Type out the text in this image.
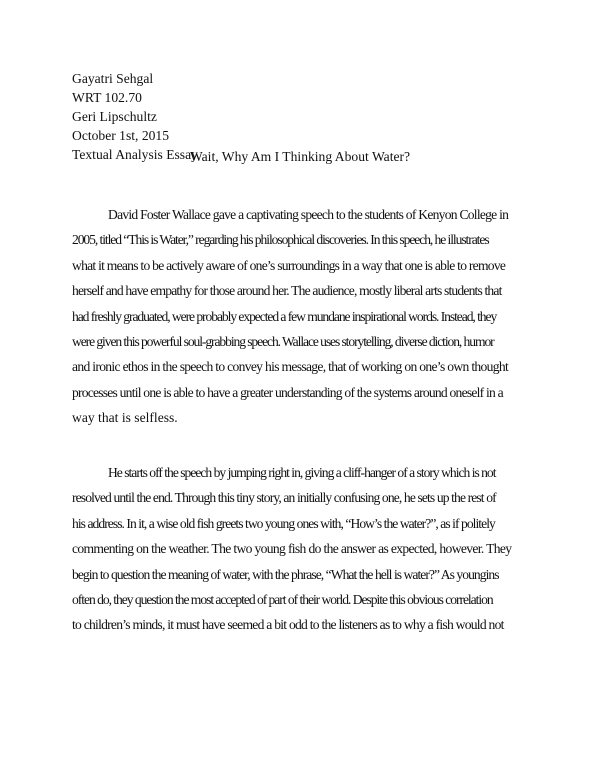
Gayatri Sehgal
WRT 102.70
Geri Lipschultz
October 1st, 2015
Textual Analysis Essay
Wait, Why Am I Thinking About Water?
David Foster Wallace gave a captivating speech to the students of Kenyon College in
2005, titled “This is Water,” regarding his philosophical discoveries. In this speech, he illustrates
what it means to be actively aware of one’s surroundings in a way that one is able to remove
herself and have empathy for those around her. The audience, mostly liberal arts students that
had freshly graduated, were probably expected a few mundane inspirational words. Instead, they
were given this powerful soul-grabbing speech. Wallace uses storytelling, diverse diction, humor
and ironic ethos in the speech to convey his message, that of working on one’s own thought
processes until one is able to have a greater understanding of the systems around oneself in a
way that is selfless.
He starts off the speech by jumping right in, giving a cliff-hanger of a story which is not
resolved until the end. Through this tiny story, an initially confusing one, he sets up the rest of
his address. In it, a wise old fish greets two young ones with, “How’s the water?”, as if politely
commenting on the weather. The two young fish do the answer as expected, however. They
begin to question the meaning of water, with the phrase, “What the hell is water?” As youngins
often do, they question the most accepted of part of their world. Despite this obvious correlation
to children’s minds, it must have seemed a bit odd to the listeners as to why a fish would not
